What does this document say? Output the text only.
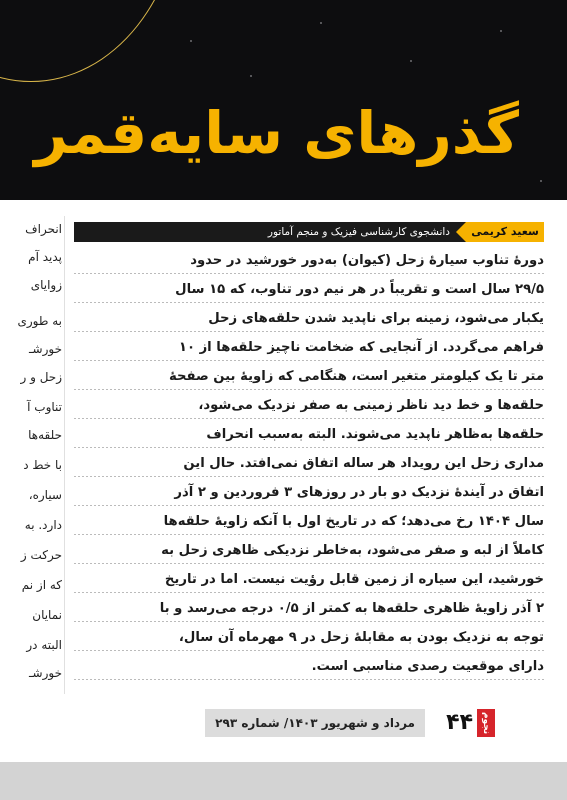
گذرهای سایه‌قمر
انحراف
پدید آم
زوایای
به طوری
خورشـ
زحل و ر
تناوب آ
حلقه‌ها
با خط د
سیاره،
دارد. به
حرکت ز
که از نم
نمایان
البته در
خورشـ
سعید کریمی
دانشجوی کارشناسی فیزیک و منجم آماتور
دورهٔ تناوب سیارهٔ زحل (کیوان) به‌دور خورشید در حدود
۲۹/۵ سال است و تقریباً در هر نیم دور تناوب، که ۱۵ سال
یکبار می‌شود، زمینه برای ناپدید شدن حلقه‌های زحل
فراهم می‌گردد. از آنجایی که ضخامت ناچیز حلقه‌ها از ۱۰
متر تا یک کیلومتر متغیر است، هنگامی که زاویهٔ بین صفحهٔ
حلقه‌ها و خط دید ناظر زمینی به صفر نزدیک می‌شود،
حلقه‌ها به‌ظاهر ناپدید می‌شوند. البته به‌سبب انحراف
مداری زحل این رویداد هر ساله اتفاق نمی‌افتد. حال این
اتفاق در آیندهٔ نزدیک دو بار در روزهای ۳ فروردین و ۲ آذر
سال ۱۴۰۴ رخ می‌دهد؛ که در تاریخ اول با آنکه زاویهٔ حلقه‌ها
کاملاً از لبه و صفر می‌شود، به‌خاطر نزدیکی ظاهری زحل به
خورشید، این سیاره از زمین قابل رؤیت نیست. اما در تاریخ
۲ آذر زاویهٔ ظاهری حلقه‌ها به کمتر از ۰/۵ درجه می‌رسد و با
توجه به نزدیک بودن به مقابلهٔ زحل در ۹ مهرماه آن سال،
دارای موقعیت رصدی مناسبی است.
نجوم
۴۴
مرداد و شهریور ۱۴۰۳/ شماره ۲۹۳
